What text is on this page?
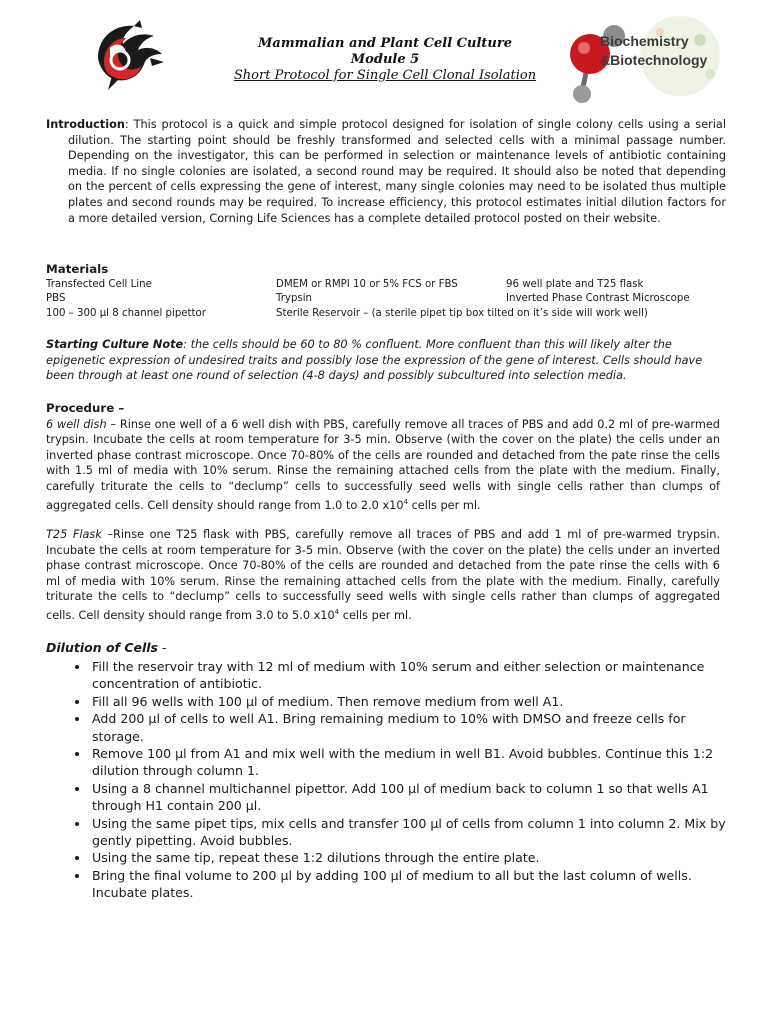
Mammalian and Plant Cell Culture
Module 5
Short Protocol for Single Cell Clonal Isolation
Biochemistry
&Biotechnology

Introduction: This protocol is a quick and simple protocol designed for isolation of single colony cells using a serial dilution. The starting point should be freshly transformed and selected cells with a minimal passage number. Depending on the investigator, this can be performed in selection or maintenance levels of antibiotic containing media. If no single colonies are isolated, a second round may be required. It should also be noted that depending on the percent of cells expressing the gene of interest, many single colonies may need to be isolated thus multiple plates and second rounds may be required. To increase efficiency, this protocol estimates initial dilution factors for a more detailed version, Corning Life Sciences has a complete detailed protocol posted on their website.

Materials
Transfected Cell Line	DMEM or RMPI 10 or 5% FCS or FBS	96 well plate and T25 flask
PBS	Trypsin	Inverted Phase Contrast Microscope
100 – 300 µl 8 channel pipettor	Sterile Reservoir – (a sterile pipet tip box tilted on it’s side will work well)
Starting Culture Note: the cells should be 60 to 80 % confluent. More confluent than this will likely alter the epigenetic expression of undesired traits and possibly lose the expression of the gene of interest. Cells should have been through at least one round of selection (4-8 days) and possibly subcultured into selection media.
Procedure –

6 well dish – Rinse one well of a 6 well dish with PBS, carefully remove all traces of PBS and add 0.2 ml of pre-warmed trypsin. Incubate the cells at room temperature for 3-5 min. Observe (with the cover on the plate) the cells under an inverted phase contrast microscope. Once 70-80% of the cells are rounded and detached from the pate rinse the cells with 1.5 ml of media with 10% serum. Rinse the remaining attached cells from the plate with the medium. Finally, carefully triturate the cells to “declump” cells to successfully seed wells with single cells rather than clumps of aggregated cells. Cell density should range from 1.0 to 2.0 $x10^4$ cells per ml.

T25 Flask –Rinse one T25 flask with PBS, carefully remove all traces of PBS and add 1 ml of pre-warmed trypsin. Incubate the cells at room temperature for 3-5 min. Observe (with the cover on the plate) the cells under an inverted phase contrast microscope. Once 70-80% of the cells are rounded and detached from the pate rinse the cells with 6 ml of media with 10% serum. Rinse the remaining attached cells from the plate with the medium. Finally, carefully triturate the cells to “declump” cells to successfully seed wells with single cells rather than clumps of aggregated cells. Cell density should range from 3.0 to 5.0 $x10^4$ cells per ml.

Dilution of Cells -
• Fill the reservoir tray with 12 ml of medium with 10% serum and either selection or maintenance concentration of antibiotic.
• Fill all 96 wells with 100 µl of medium. Then remove medium from well A1.
• Add 200 µl of cells to well A1. Bring remaining medium to 10% with DMSO and freeze cells for storage.
• Remove 100 µl from A1 and mix well with the medium in well B1. Avoid bubbles. Continue this 1:2 dilution through column 1.
• Using a 8 channel multichannel pipettor. Add 100 µl of medium back to column 1 so that wells A1 through H1 contain 200 µl.
• Using the same pipet tips, mix cells and transfer 100 µl of cells from column 1 into column 2. Mix by gently pipetting. Avoid bubbles.
• Using the same tip, repeat these 1:2 dilutions through the entire plate.
• Bring the final volume to 200 µl by adding 100 µl of medium to all but the last column of wells. Incubate plates.
